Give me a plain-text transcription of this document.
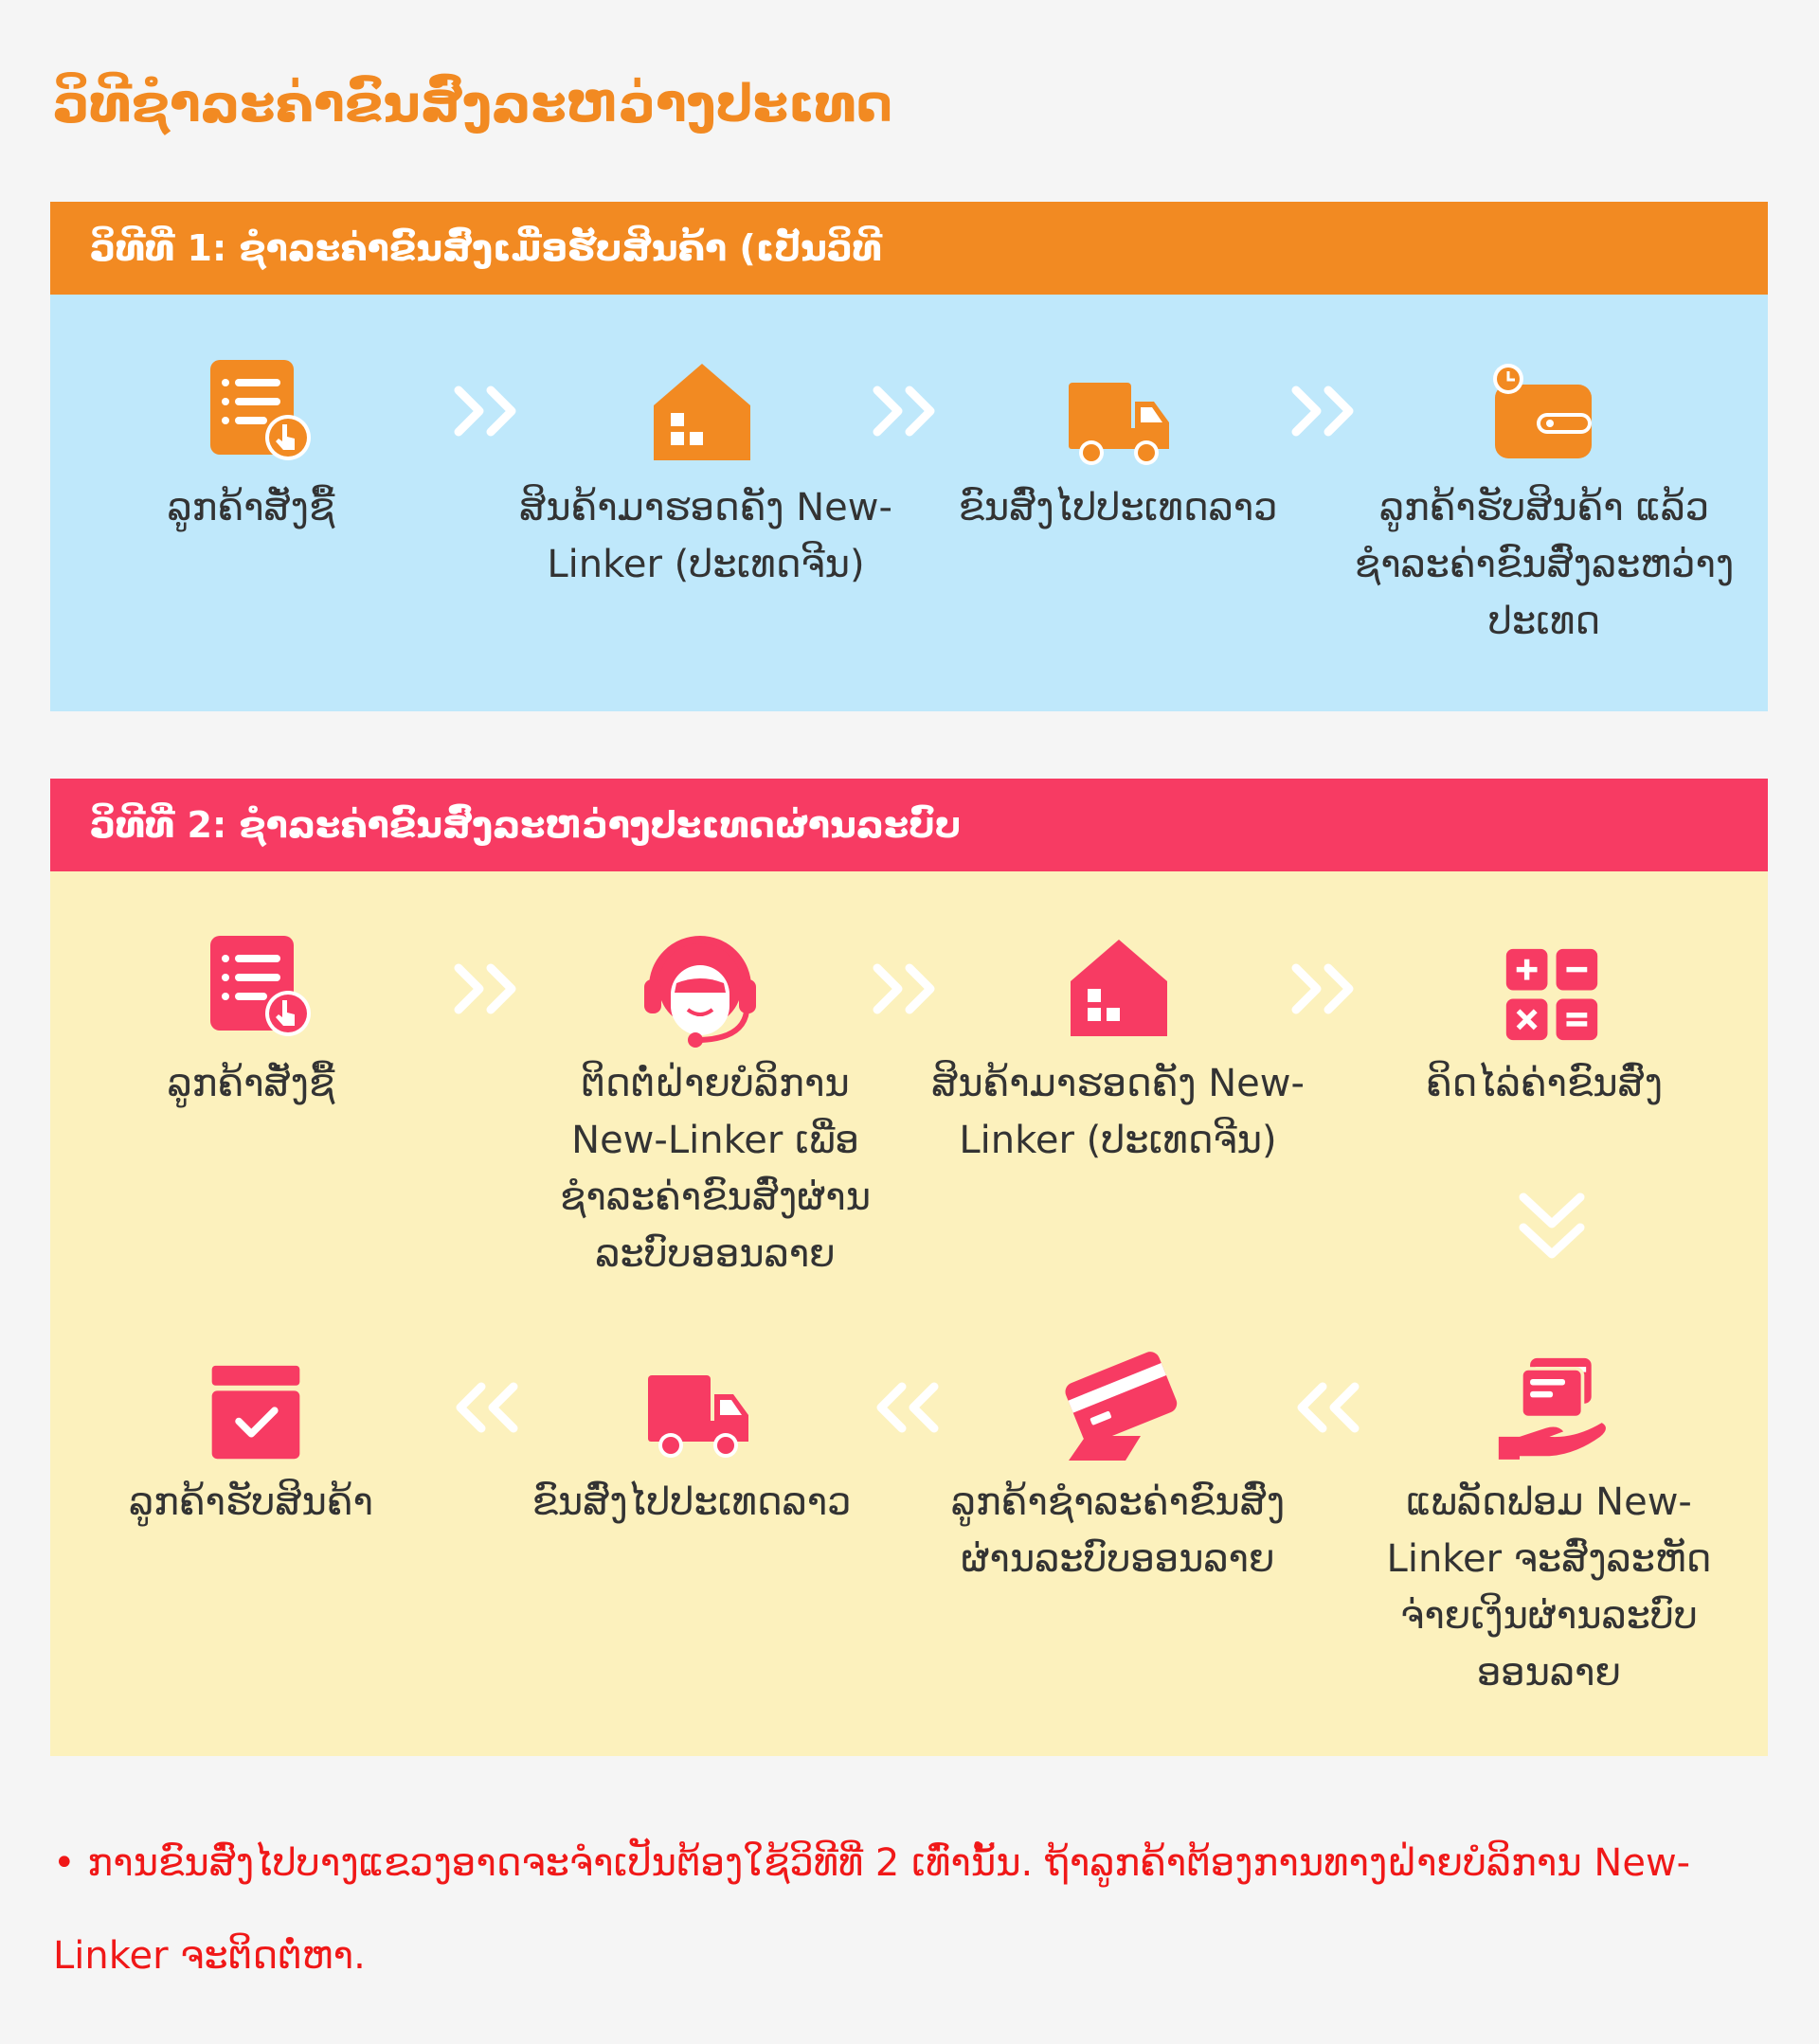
ວິທີຊຳລະຄ່າຂົນສົ່ງລະຫວ່າງປະເທດ
ວິທີທີ່ 1: ຊຳລະຄ່າຂົນສົ່ງເມື່ອຮັບສິນຄ້າ (ເປັນວິທີ
ລູກຄ້າສັ່ງຊື້	ສິນຄ້າມາຮອດຄັງ New-Linker (ປະເທດຈີນ)
ຂົນສົ່ງໄປປະເທດລາວ	ລູກຄ້າຮັບສິນຄ້າ ແລ້ວຊຳລະຄ່າຂົນສົ່ງລະຫວ່າງປະເທດ
ວິທີທີ່ 2: ຊຳລະຄ່າຂົນສົ່ງລະຫວ່າງປະເທດຜ່ານລະບົບ
ລູກຄ້າສັ່ງຊື້	ຕິດຕໍ່ຝ່າຍບໍລິການ New-Linker ເພື່ອຊຳລະຄ່າຂົນສົ່ງຜ່ານລະບົບອອນລາຍ
ສິນຄ້າມາຮອດຄັງ New-Linker (ປະເທດຈີນ)
ຄິດໄລ່ຄ່າຂົນສົ່ງ
ລູກຄ້າຮັບສິນຄ້າ	ຂົນສົ່ງໄປປະເທດລາວ	ລູກຄ້າຊຳລະຄ່າຂົນສົ່ງຜ່ານລະບົບອອນລາຍ
ແພລັດຟອມ New-Linker ຈະສົ່ງລະຫັດຈ່າຍເງິນຜ່ານລະບົບອອນລາຍ

• ການຂົນສົ່ງໄປບາງແຂວງອາດຈະຈຳເປັນຕ້ອງໃຊ້ວິທີທີ່ 2 ເທົ່ານັ້ນ. ຖ້າລູກຄ້າຕ້ອງການທາງຝ່າຍບໍລິການ New-Linker ຈະຕິດຕໍ່ຫາ.
